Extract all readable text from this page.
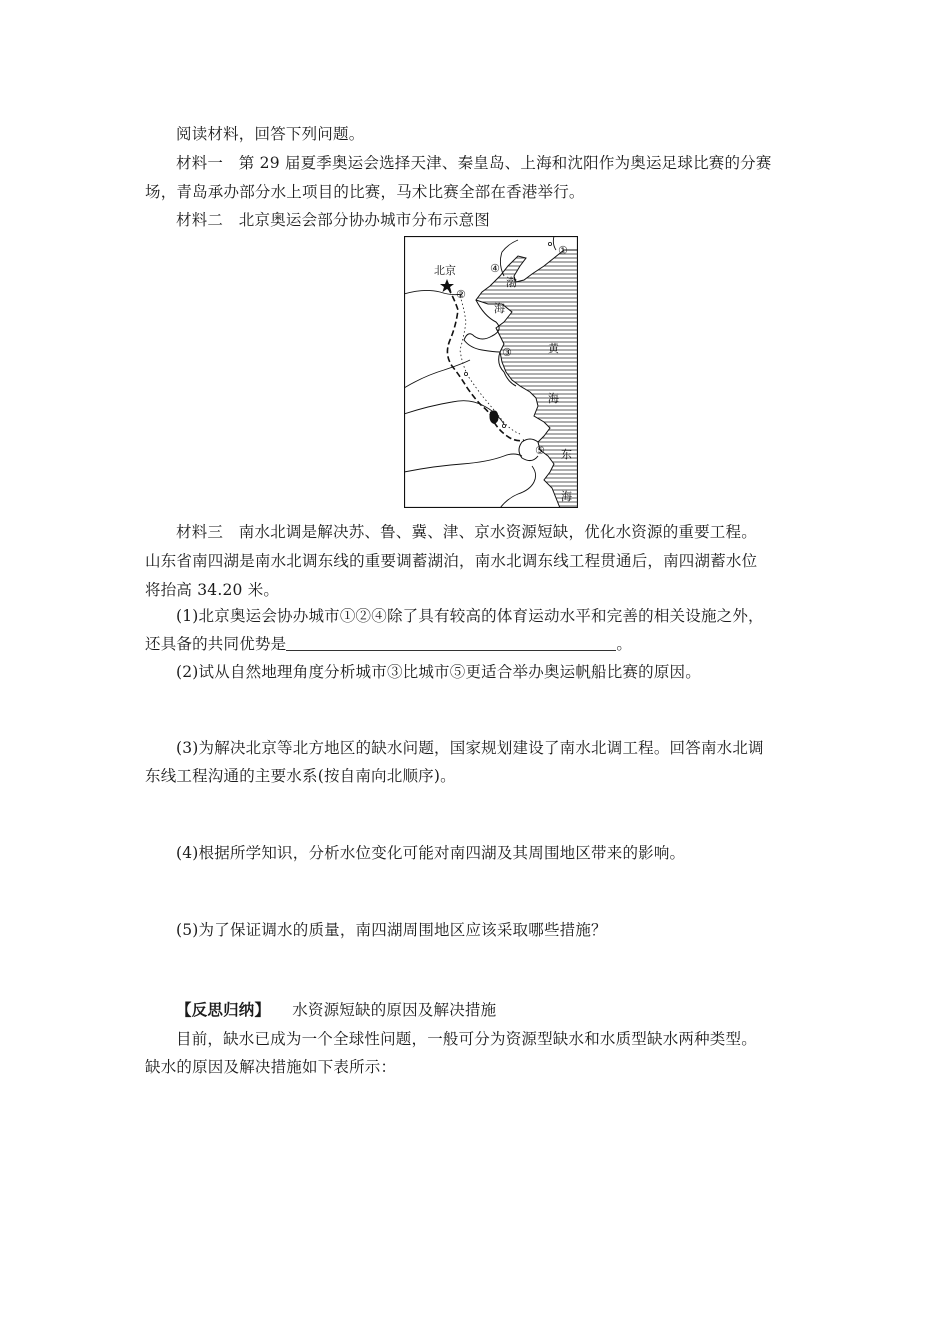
阅读材料，回答下列问题。
材料一　第 29 届夏季奥运会选择天津、秦皇岛、上海和沈阳作为奥运足球比赛的分赛
场，青岛承办部分水上项目的比赛，马术比赛全部在香港举行。
材料二　北京奥运会部分协办城市分布示意图
北京
①
②
③
④
⑤
渤
海
黄
海
东
海
材料三　南水北调是解决苏、鲁、冀、津、京水资源短缺，优化水资源的重要工程。
山东省南四湖是南水北调东线的重要调蓄湖泊，南水北调东线工程贯通后，南四湖蓄水位
将抬高 34.20 米。
(1)北京奥运会协办城市①②④除了具有较高的体育运动水平和完善的相关设施之外，
还具备的共同优势是	。
(2)试从自然地理角度分析城市③比城市⑤更适合举办奥运帆船比赛的原因。
(3)为解决北京等北方地区的缺水问题，国家规划建设了南水北调工程。回答南水北调
东线工程沟通的主要水系(按自南向北顺序)。
(4)根据所学知识，分析水位变化可能对南四湖及其周围地区带来的影响。
(5)为了保证调水的质量，南四湖周围地区应该采取哪些措施？
【反思归纳】 水资源短缺的原因及解决措施
目前，缺水已成为一个全球性问题，一般可分为资源型缺水和水质型缺水两种类型。
缺水的原因及解决措施如下表所示：
